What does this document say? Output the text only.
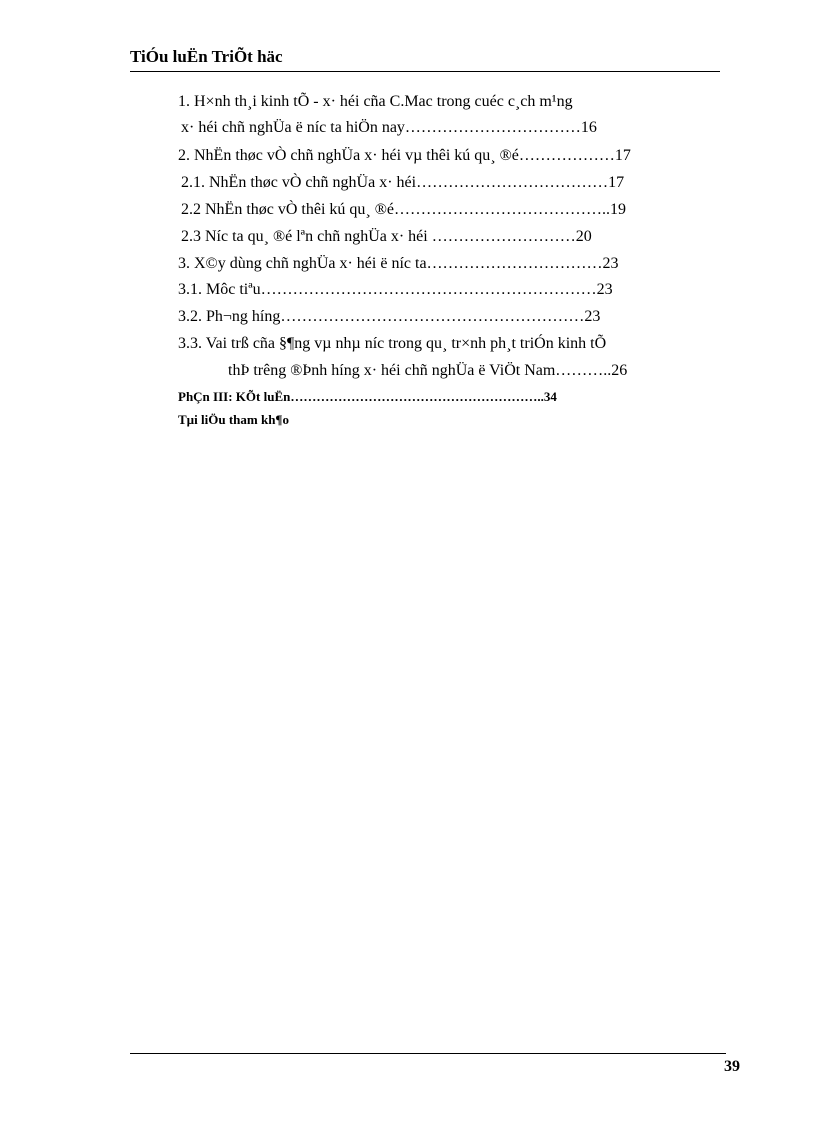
TiÓu luËn TriÕt häc
1. H×nh th¸i kinh tÕ - x· héi cña C.Mac trong cuéc c¸ch m¹ng
x· héi chñ nghÜa ë níc ta hiÖn nay……………………………16
2. NhËn thøc vÒ chñ nghÜa x· héi vµ thêi kú qu¸ ®é………………17
2.1. NhËn thøc vÒ chñ nghÜa x· héi………………………………17
2.2 NhËn thøc vÒ thêi kú qu¸ ®é…………………………………..19
2.3 Níc ta qu¸ ®é lªn chñ nghÜa x· héi ………………………20
3. X©y dùng chñ nghÜa x· héi ë níc ta……………………………23
3.1. Môc tiªu………………………………………………………23
3.2. Ph¬ng híng…………………………………………………23
3.3. Vai trß cña §¶ng vµ nhµ níc trong qu¸ tr×nh ph¸t triÓn kinh tÕ
thÞ trêng ®Þnh híng x· héi chñ nghÜa ë ViÖt Nam………..26
PhÇn III: KÕt luËn…………………………………………………..34
Tµi liÖu tham kh¶o
39
